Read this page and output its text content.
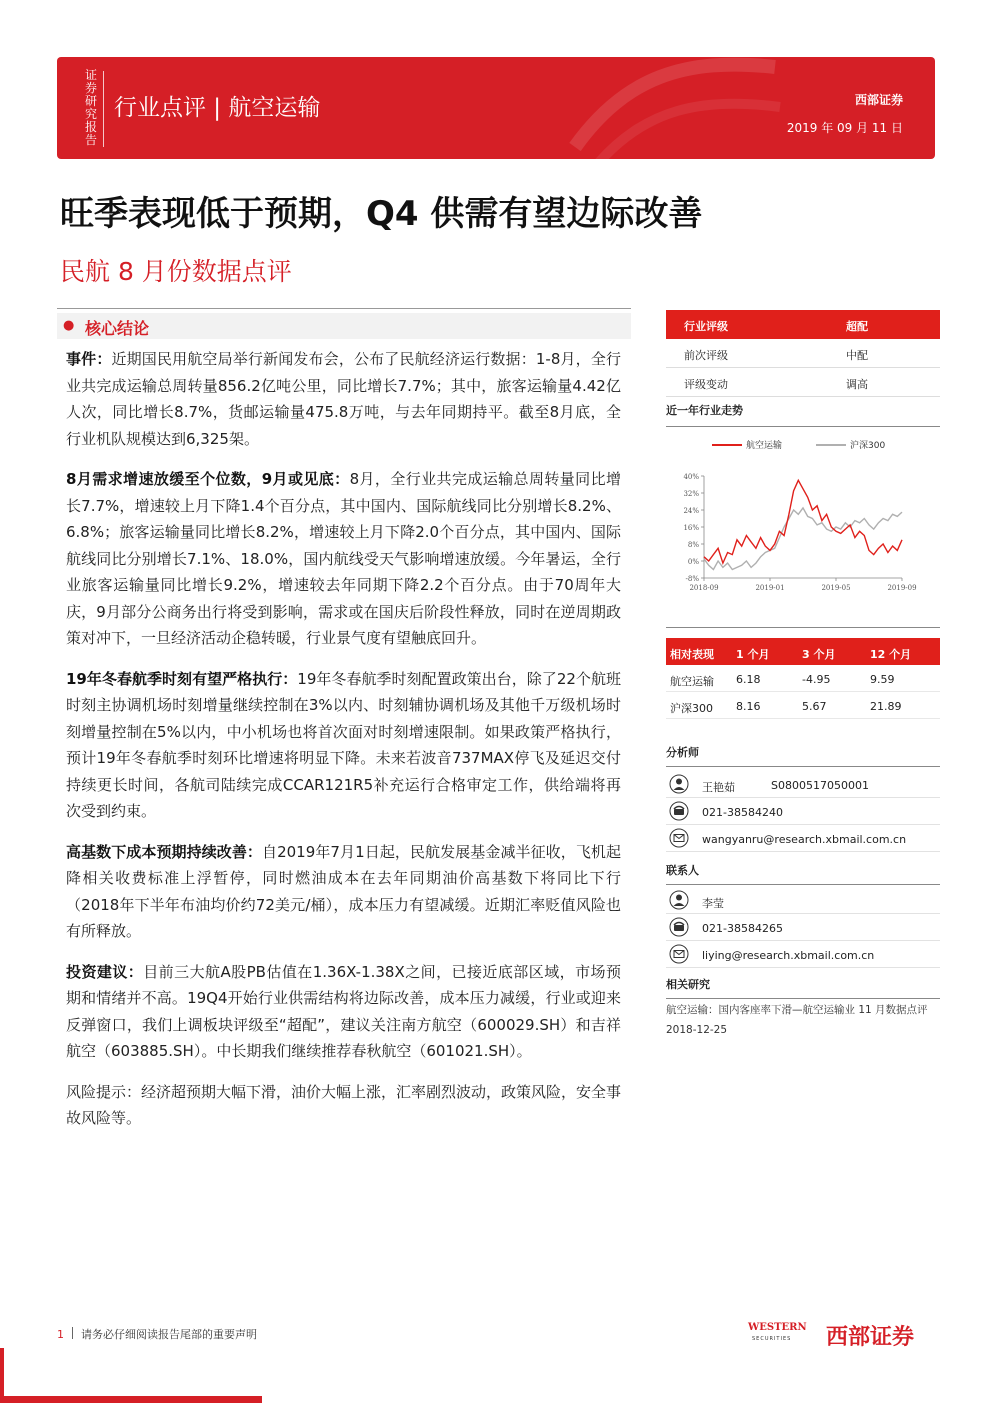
证
券
研
究
报
告
行业点评 | 航空运输	西部证券
2019 年 09 月 11 日
旺季表现低于预期，Q4 供需有望边际改善
民航 8 月份数据点评
● 核心结论

事件：近期国民用航空局举行新闻发布会，公布了民航经济运行数据：1-8月，全行业共完成运输总周转量856.2亿吨公里，同比增长7.7%；其中，旅客运输量4.42亿人次，同比增长8.7%，货邮运输量475.8万吨，与去年同期持平。截至8月底，全行业机队规模达到6,325架。

8月需求增速放缓至个位数，9月或见底：8月，全行业共完成运输总周转量同比增长7.7%，增速较上月下降1.4个百分点，其中国内、国际航线同比分别增长8.2%、6.8%；旅客运输量同比增长8.2%，增速较上月下降2.0个百分点，其中国内、国际航线同比分别增长7.1%、18.0%，国内航线受天气影响增速放缓。今年暑运，全行业旅客运输量同比增长9.2%，增速较去年同期下降2.2个百分点。由于70周年大庆，9月部分公商务出行将受到影响，需求或在国庆后阶段性释放，同时在逆周期政策对冲下，一旦经济活动企稳转暖，行业景气度有望触底回升。

19年冬春航季时刻有望严格执行：19年冬春航季时刻配置政策出台，除了22个航班时刻主协调机场时刻增量继续控制在3%以内、时刻辅协调机场及其他千万级机场时刻增量控制在5%以内，中小机场也将首次面对时刻增速限制。如果政策严格执行，预计19年冬春航季时刻环比增速将明显下降。未来若波音737MAX停飞及延迟交付持续更长时间，各航司陆续完成CCAR121R5补充运行合格审定工作，供给端将再次受到约束。

高基数下成本预期持续改善：自2019年7月1日起，民航发展基金减半征收，飞机起降相关收费标准上浮暂停，同时燃油成本在去年同期油价高基数下将同比下行（2018年下半年布油均价约72美元/桶），成本压力有望减缓。近期汇率贬值风险也有所释放。

投资建议：目前三大航A股PB估值在1.36X-1.38X之间，已接近底部区域，市场预期和情绪并不高。19Q4开始行业供需结构将边际改善，成本压力减缓，行业或迎来反弹窗口，我们上调板块评级至“超配”，建议关注南方航空（600029.SH）和吉祥航空（603885.SH）。中长期我们继续推荐春秋航空（601021.SH）。

风险提示：经济超预期大幅下滑，油价大幅上涨，汇率剧烈波动，政策风险，安全事故风险等。

行业评级	超配
前次评级	中配
评级变动	调高
近一年行业走势
航空运输	沪深300
40%
32%
24%
16%
8%
0%
-8%
2018-09	2019-01	2019-05	2019-09
相对表现 1 个月	3 个月	12 个月
航空运输 6.18	-4.95	9.59
沪深300 8.16	5.67	21.89
分析师
王艳茹	S0800517050001
021-38584240
wangyanru@research.xbmail.com.cn
联系人
李莹
021-38584265
liying@research.xbmail.com.cn
相关研究
航空运输：国内客座率下滑—航空运输业 11 月数据点评 2018-12-25
1 请务必仔细阅读报告尾部的重要声明
WESTERN
SECURITIES 西部证券
